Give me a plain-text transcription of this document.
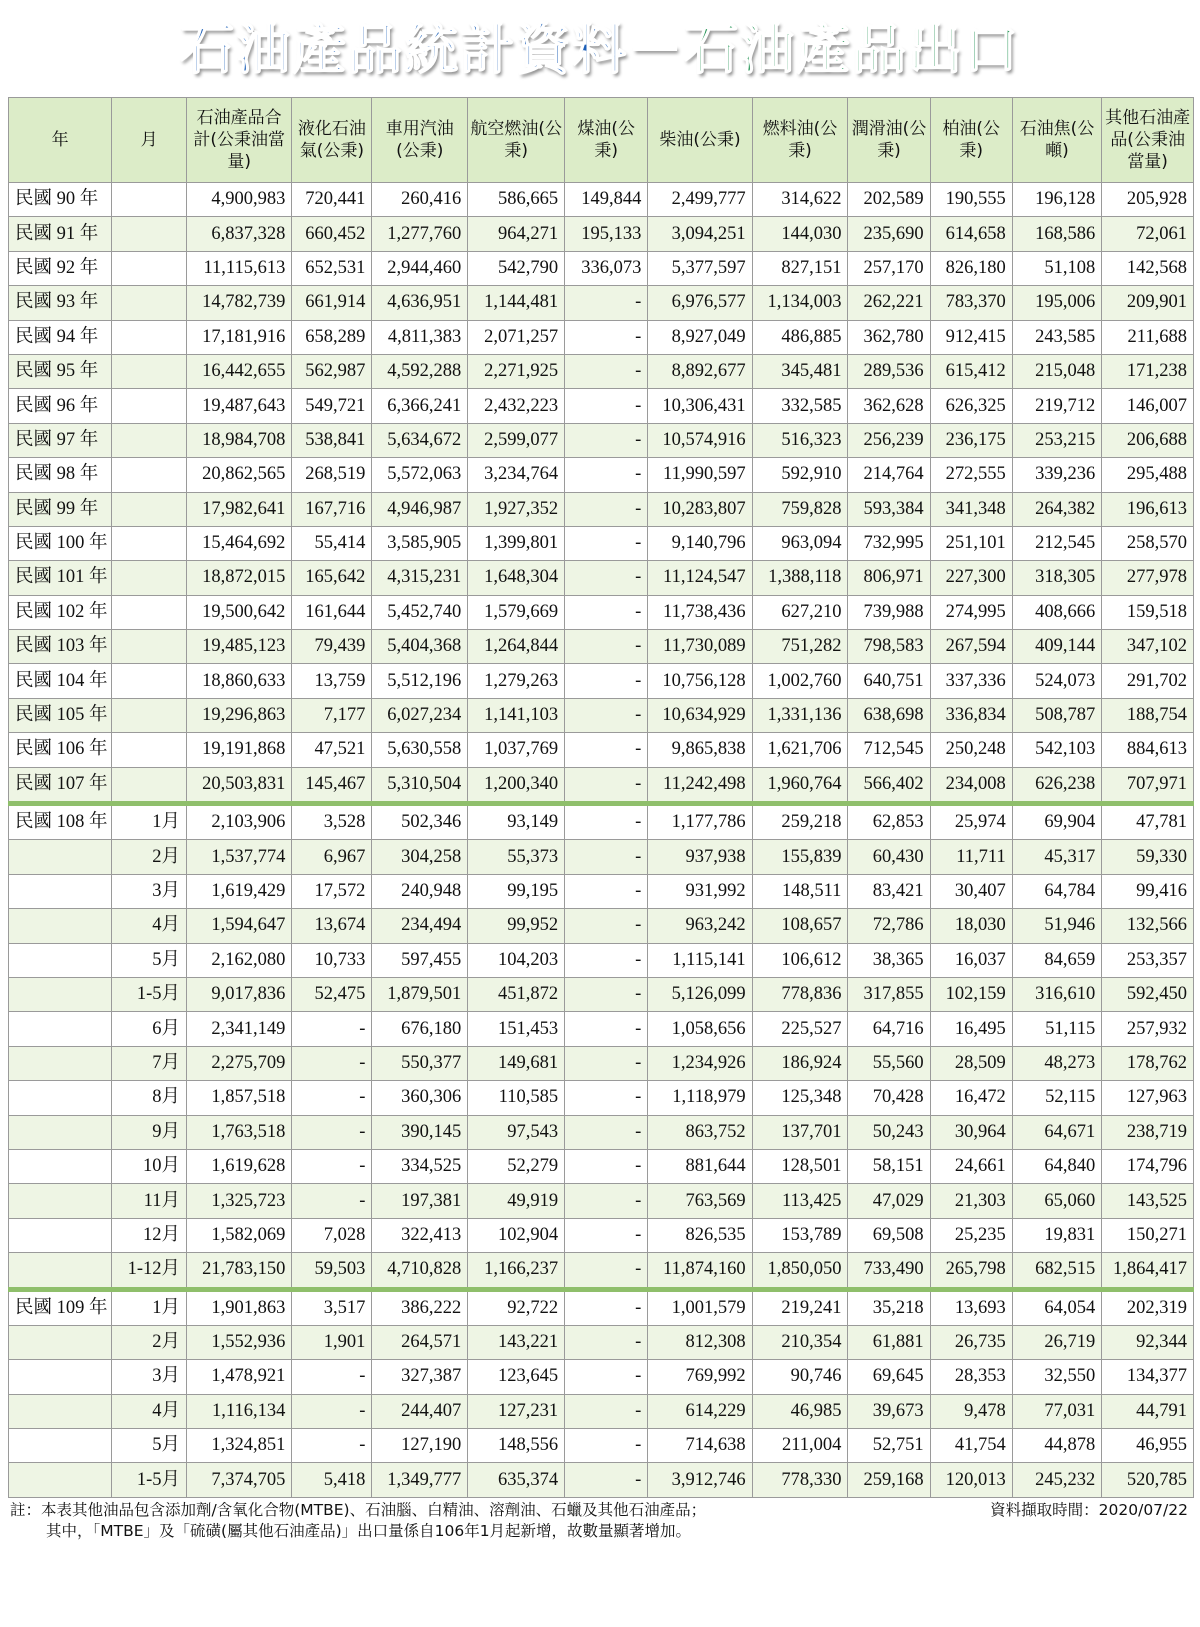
石油產品統計資料－石油產品出口
年	月	石油產品合計(公秉油當量)	液化石油氣(公秉)	車用汽油(公秉)	航空燃油(公秉)	煤油(公秉)	柴油(公秉)	燃料油(公秉)	潤滑油(公秉)	柏油(公秉)	石油焦(公噸)	其他石油產品(公秉油當量)
民國 90 年		4,900,983	720,441	260,416	586,665	149,844	2,499,777	314,622	202,589	190,555	196,128	205,928
民國 91 年		6,837,328	660,452	1,277,760	964,271	195,133	3,094,251	144,030	235,690	614,658	168,586	72,061
民國 92 年		11,115,613	652,531	2,944,460	542,790	336,073	5,377,597	827,151	257,170	826,180	51,108	142,568
民國 93 年		14,782,739	661,914	4,636,951	1,144,481	-	6,976,577	1,134,003	262,221	783,370	195,006	209,901
民國 94 年		17,181,916	658,289	4,811,383	2,071,257	-	8,927,049	486,885	362,780	912,415	243,585	211,688
民國 95 年		16,442,655	562,987	4,592,288	2,271,925	-	8,892,677	345,481	289,536	615,412	215,048	171,238
民國 96 年		19,487,643	549,721	6,366,241	2,432,223	-	10,306,431	332,585	362,628	626,325	219,712	146,007
民國 97 年		18,984,708	538,841	5,634,672	2,599,077	-	10,574,916	516,323	256,239	236,175	253,215	206,688
民國 98 年		20,862,565	268,519	5,572,063	3,234,764	-	11,990,597	592,910	214,764	272,555	339,236	295,488
民國 99 年		17,982,641	167,716	4,946,987	1,927,352	-	10,283,807	759,828	593,384	341,348	264,382	196,613
民國 100 年		15,464,692	55,414	3,585,905	1,399,801	-	9,140,796	963,094	732,995	251,101	212,545	258,570
民國 101 年		18,872,015	165,642	4,315,231	1,648,304	-	11,124,547	1,388,118	806,971	227,300	318,305	277,978
民國 102 年		19,500,642	161,644	5,452,740	1,579,669	-	11,738,436	627,210	739,988	274,995	408,666	159,518
民國 103 年		19,485,123	79,439	5,404,368	1,264,844	-	11,730,089	751,282	798,583	267,594	409,144	347,102
民國 104 年		18,860,633	13,759	5,512,196	1,279,263	-	10,756,128	1,002,760	640,751	337,336	524,073	291,702
民國 105 年		19,296,863	7,177	6,027,234	1,141,103	-	10,634,929	1,331,136	638,698	336,834	508,787	188,754
民國 106 年		19,191,868	47,521	5,630,558	1,037,769	-	9,865,838	1,621,706	712,545	250,248	542,103	884,613
民國 107 年		20,503,831	145,467	5,310,504	1,200,340	-	11,242,498	1,960,764	566,402	234,008	626,238	707,971
民國 108 年	1月	2,103,906	3,528	502,346	93,149	-	1,177,786	259,218	62,853	25,974	69,904	47,781
	2月	1,537,774	6,967	304,258	55,373	-	937,938	155,839	60,430	11,711	45,317	59,330
	3月	1,619,429	17,572	240,948	99,195	-	931,992	148,511	83,421	30,407	64,784	99,416
	4月	1,594,647	13,674	234,494	99,952	-	963,242	108,657	72,786	18,030	51,946	132,566
	5月	2,162,080	10,733	597,455	104,203	-	1,115,141	106,612	38,365	16,037	84,659	253,357
	1-5月	9,017,836	52,475	1,879,501	451,872	-	5,126,099	778,836	317,855	102,159	316,610	592,450
	6月	2,341,149	-	676,180	151,453	-	1,058,656	225,527	64,716	16,495	51,115	257,932
	7月	2,275,709	-	550,377	149,681	-	1,234,926	186,924	55,560	28,509	48,273	178,762
	8月	1,857,518	-	360,306	110,585	-	1,118,979	125,348	70,428	16,472	52,115	127,963
	9月	1,763,518	-	390,145	97,543	-	863,752	137,701	50,243	30,964	64,671	238,719
	10月	1,619,628	-	334,525	52,279	-	881,644	128,501	58,151	24,661	64,840	174,796
	11月	1,325,723	-	197,381	49,919	-	763,569	113,425	47,029	21,303	65,060	143,525
	12月	1,582,069	7,028	322,413	102,904	-	826,535	153,789	69,508	25,235	19,831	150,271
	1-12月	21,783,150	59,503	4,710,828	1,166,237	-	11,874,160	1,850,050	733,490	265,798	682,515	1,864,417
民國 109 年	1月	1,901,863	3,517	386,222	92,722	-	1,001,579	219,241	35,218	13,693	64,054	202,319
	2月	1,552,936	1,901	264,571	143,221	-	812,308	210,354	61,881	26,735	26,719	92,344
	3月	1,478,921	-	327,387	123,645	-	769,992	90,746	69,645	28,353	32,550	134,377
	4月	1,116,134	-	244,407	127,231	-	614,229	46,985	39,673	9,478	77,031	44,791
	5月	1,324,851	-	127,190	148,556	-	714,638	211,004	52,751	41,754	44,878	46,955
	1-5月	7,374,705	5,418	1,349,777	635,374	-	3,912,746	778,330	259,168	120,013	245,232	520,785
註：本表其他油品包含添加劑/含氧化合物(MTBE)、石油腦、白精油、溶劑油、石蠟及其他石油產品；
其中，「MTBE」及「硫磺(屬其他石油產品)」出口量係自106年1月起新增，故數量顯著增加。
資料擷取時間：2020/07/22
